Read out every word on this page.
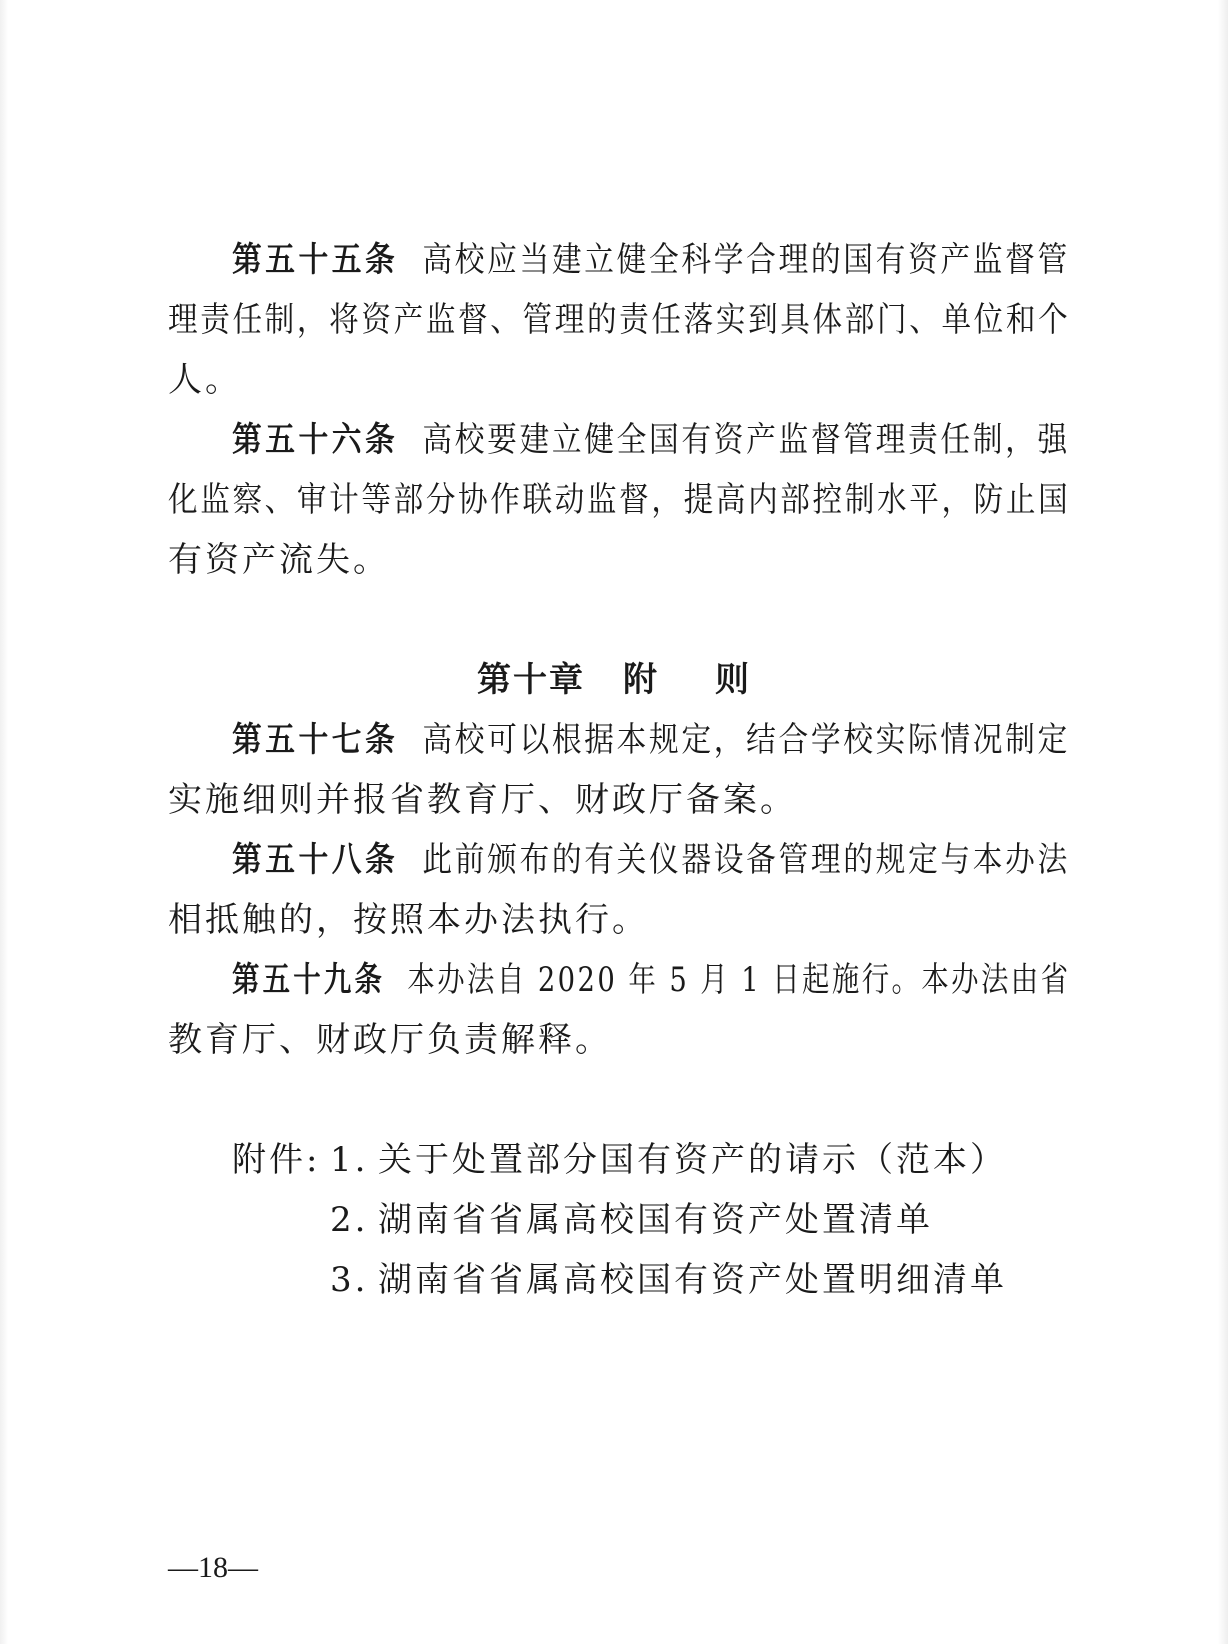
第五十五条 高校应当建立健全科学合理的国有资产监督管
理责任制，将资产监督、管理的责任落实到具体部门、单位和个
人。
第五十六条 高校要建立健全国有资产监督管理责任制，强
化监察、审计等部分协作联动监督，提高内部控制水平，防止国
有资产流失。
第十章 附 则
第五十七条 高校可以根据本规定，结合学校实际情况制定
实施细则并报省教育厅、财政厅备案。
第五十八条 此前颁布的有关仪器设备管理的规定与本办法
相抵触的，按照本办法执行。
第五十九条 本办法自 2020 年 5 月 1 日起施行。本办法由省
教育厅、财政厅负责解释。
附件: 1. 关于处置部分国有资产的请示（范本）
2. 湖南省省属高校国有资产处置清单
3. 湖南省省属高校国有资产处置明细清单
—18—
